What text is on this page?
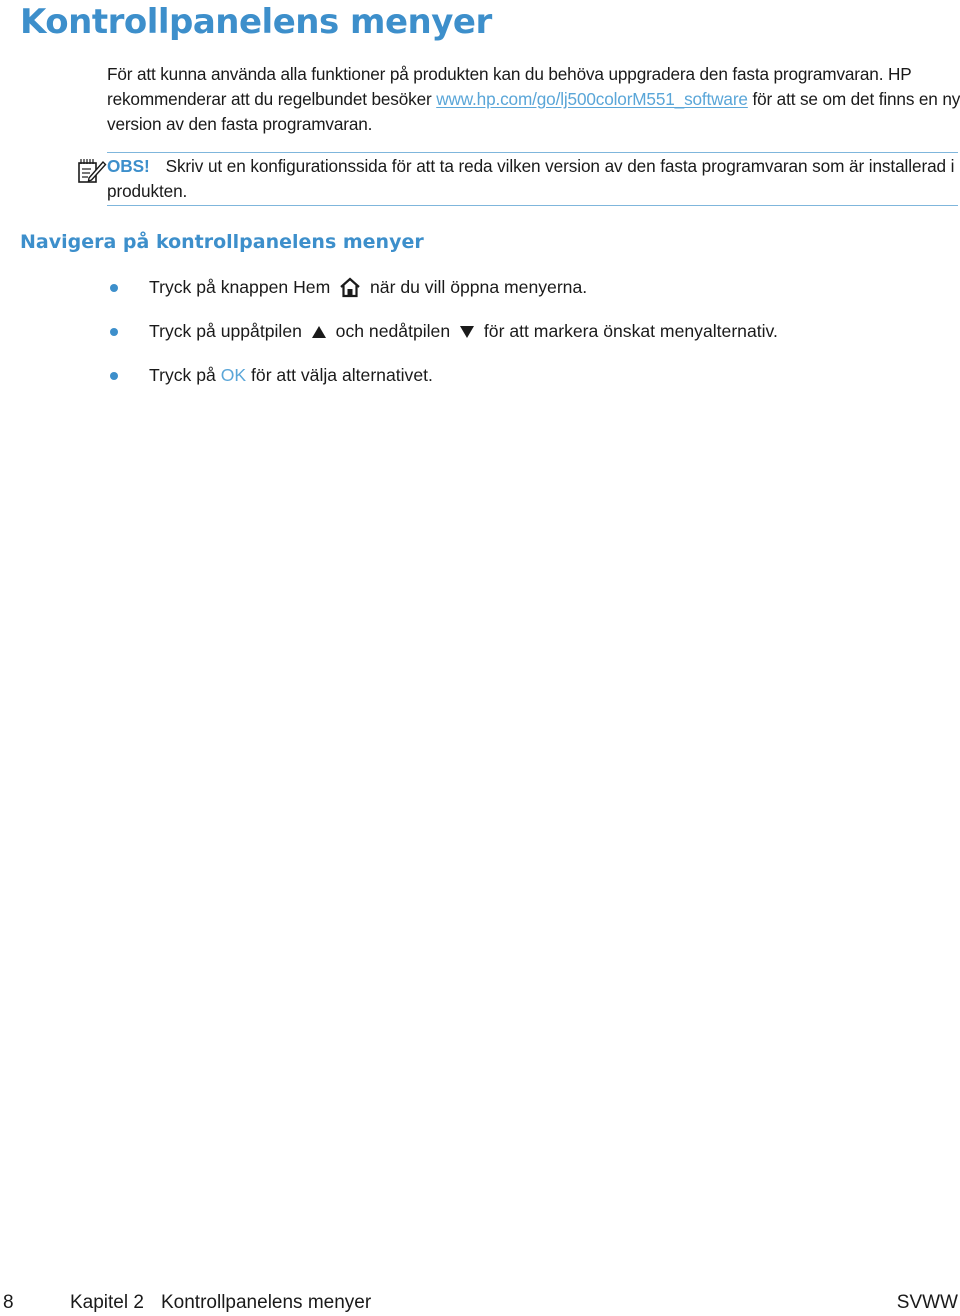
Kontrollpanelens menyer

För att kunna använda alla funktioner på produkten kan du behöva uppgradera den fasta programvaran. HP rekommenderar att du regelbundet besöker www.hp.com/go/lj500colorM551_software för att se om det finns en ny version av den fasta programvaran.

OBS! Skriv ut en konfigurationssida för att ta reda vilken version av den fasta programvaran som är installerad i produkten.
Navigera på kontrollpanelens menyer
Tryck på knappen Hem när du vill öppna menyerna.
Tryck på uppåtpilen och nedåtpilen för att markera önskat menyalternativ.
Tryck på OK för att välja alternativet.
8	Kapitel 2 Kontrollpanelens menyer	SVWW
